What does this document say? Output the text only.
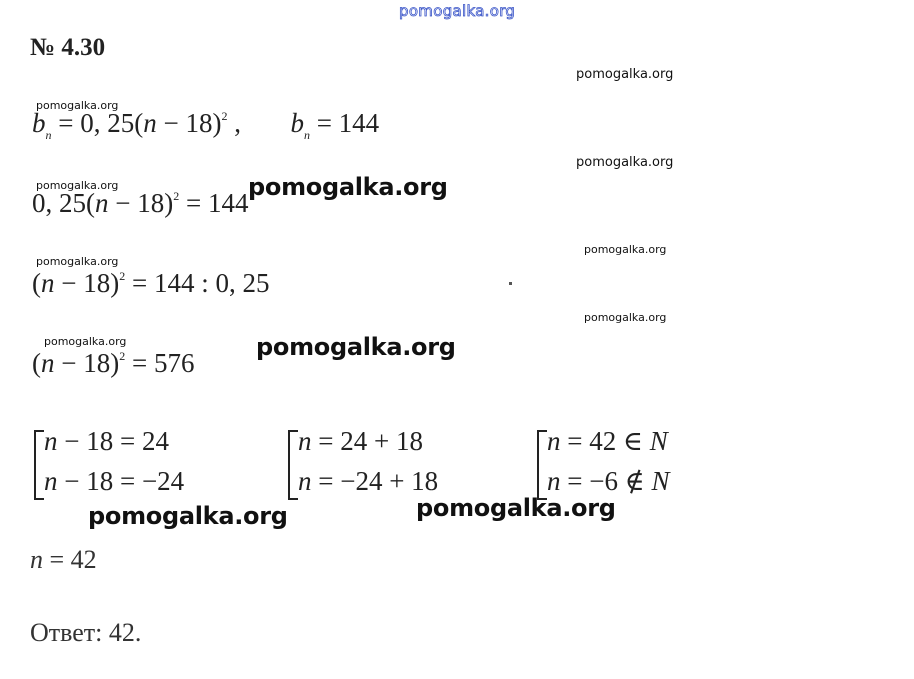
pomogalka.org
pomogalka.org
pomogalka.org
pomogalka.org
pomogalka.org
pomogalka.org
pomogalka.org
pomogalka.org
pomogalka.org
pomogalka.org
pomogalka.org
pomogalka.org	pomogalka.org
№ 4.30
$b_n = 0$, $25(n - 18)^2$ , $b_n = 144$
0, $25(n - 18)^2 = 144$
$(n - 18)^2 = 144$ : 0, 25
$(n - 18)^2 = 576$
n − 18 = 24
n − 18 = −24
n = 24 + 18
n = −24 + 18
n = 42 ∈ N
n = −6 ∉ N
n = 42
Ответ: 42.
